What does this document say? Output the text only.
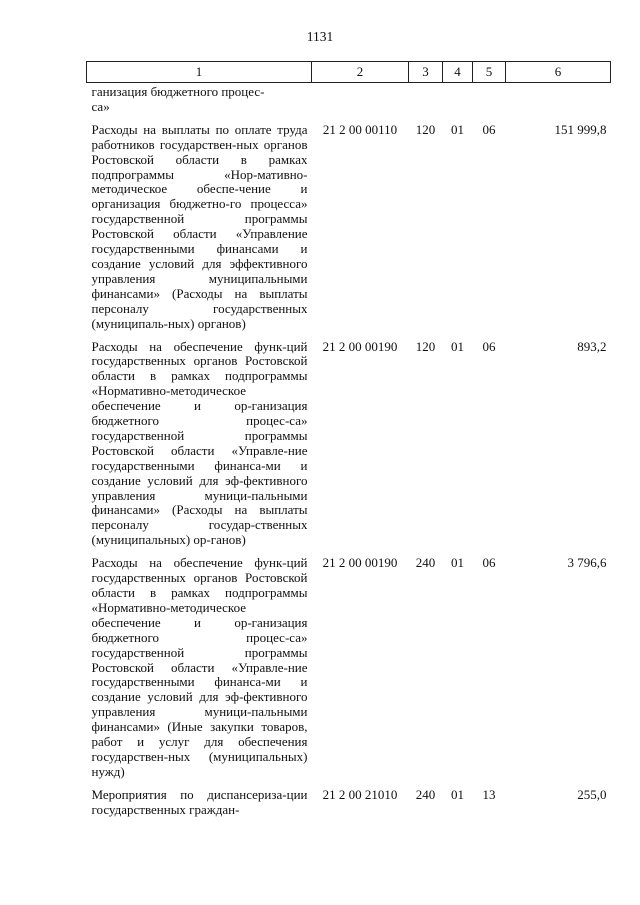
1131
1	2	3	4	5	6
ганизация бюджетного процес-
са»					

Расходы на выплаты по оплате труда работников государствен-ных органов Ростовской области в рамках подпрограммы «Нор-мативно-методическое обеспе-чение и организация бюджетно-го процесса» государственной программы Ростовской области «Управление государственными финансами и создание условий для эффективного управления муниципальными финансами» (Расходы на выплаты персоналу государственных (муниципаль-ных) органов)	21 2 00 00110	120	01	06	151 999,8

Расходы на обеспечение функ-ций государственных органов Ростовской области в рамках подпрограммы «Нормативно-методическое обеспечение и ор-ганизация бюджетного процес-са» государственной программы Ростовской области «Управле-ние государственными финанса-ми и создание условий для эф-фективного управления муници-пальными финансами» (Расходы на выплаты персоналу государ-ственных (муниципальных) ор-ганов)	21 2 00 00190	120	01	06	893,2

Расходы на обеспечение функ-ций государственных органов Ростовской области в рамках подпрограммы «Нормативно-методическое обеспечение и ор-ганизация бюджетного процес-са» государственной программы Ростовской области «Управле-ние государственными финанса-ми и создание условий для эф-фективного управления муници-пальными финансами» (Иные закупки товаров, работ и услуг для обеспечения государствен-ных (муниципальных) нужд)	21 2 00 00190	240	01	06	3 796,6

Мероприятия по диспансериза-ции государственных граждан-	21 2 00 21010	240	01	13	255,0
